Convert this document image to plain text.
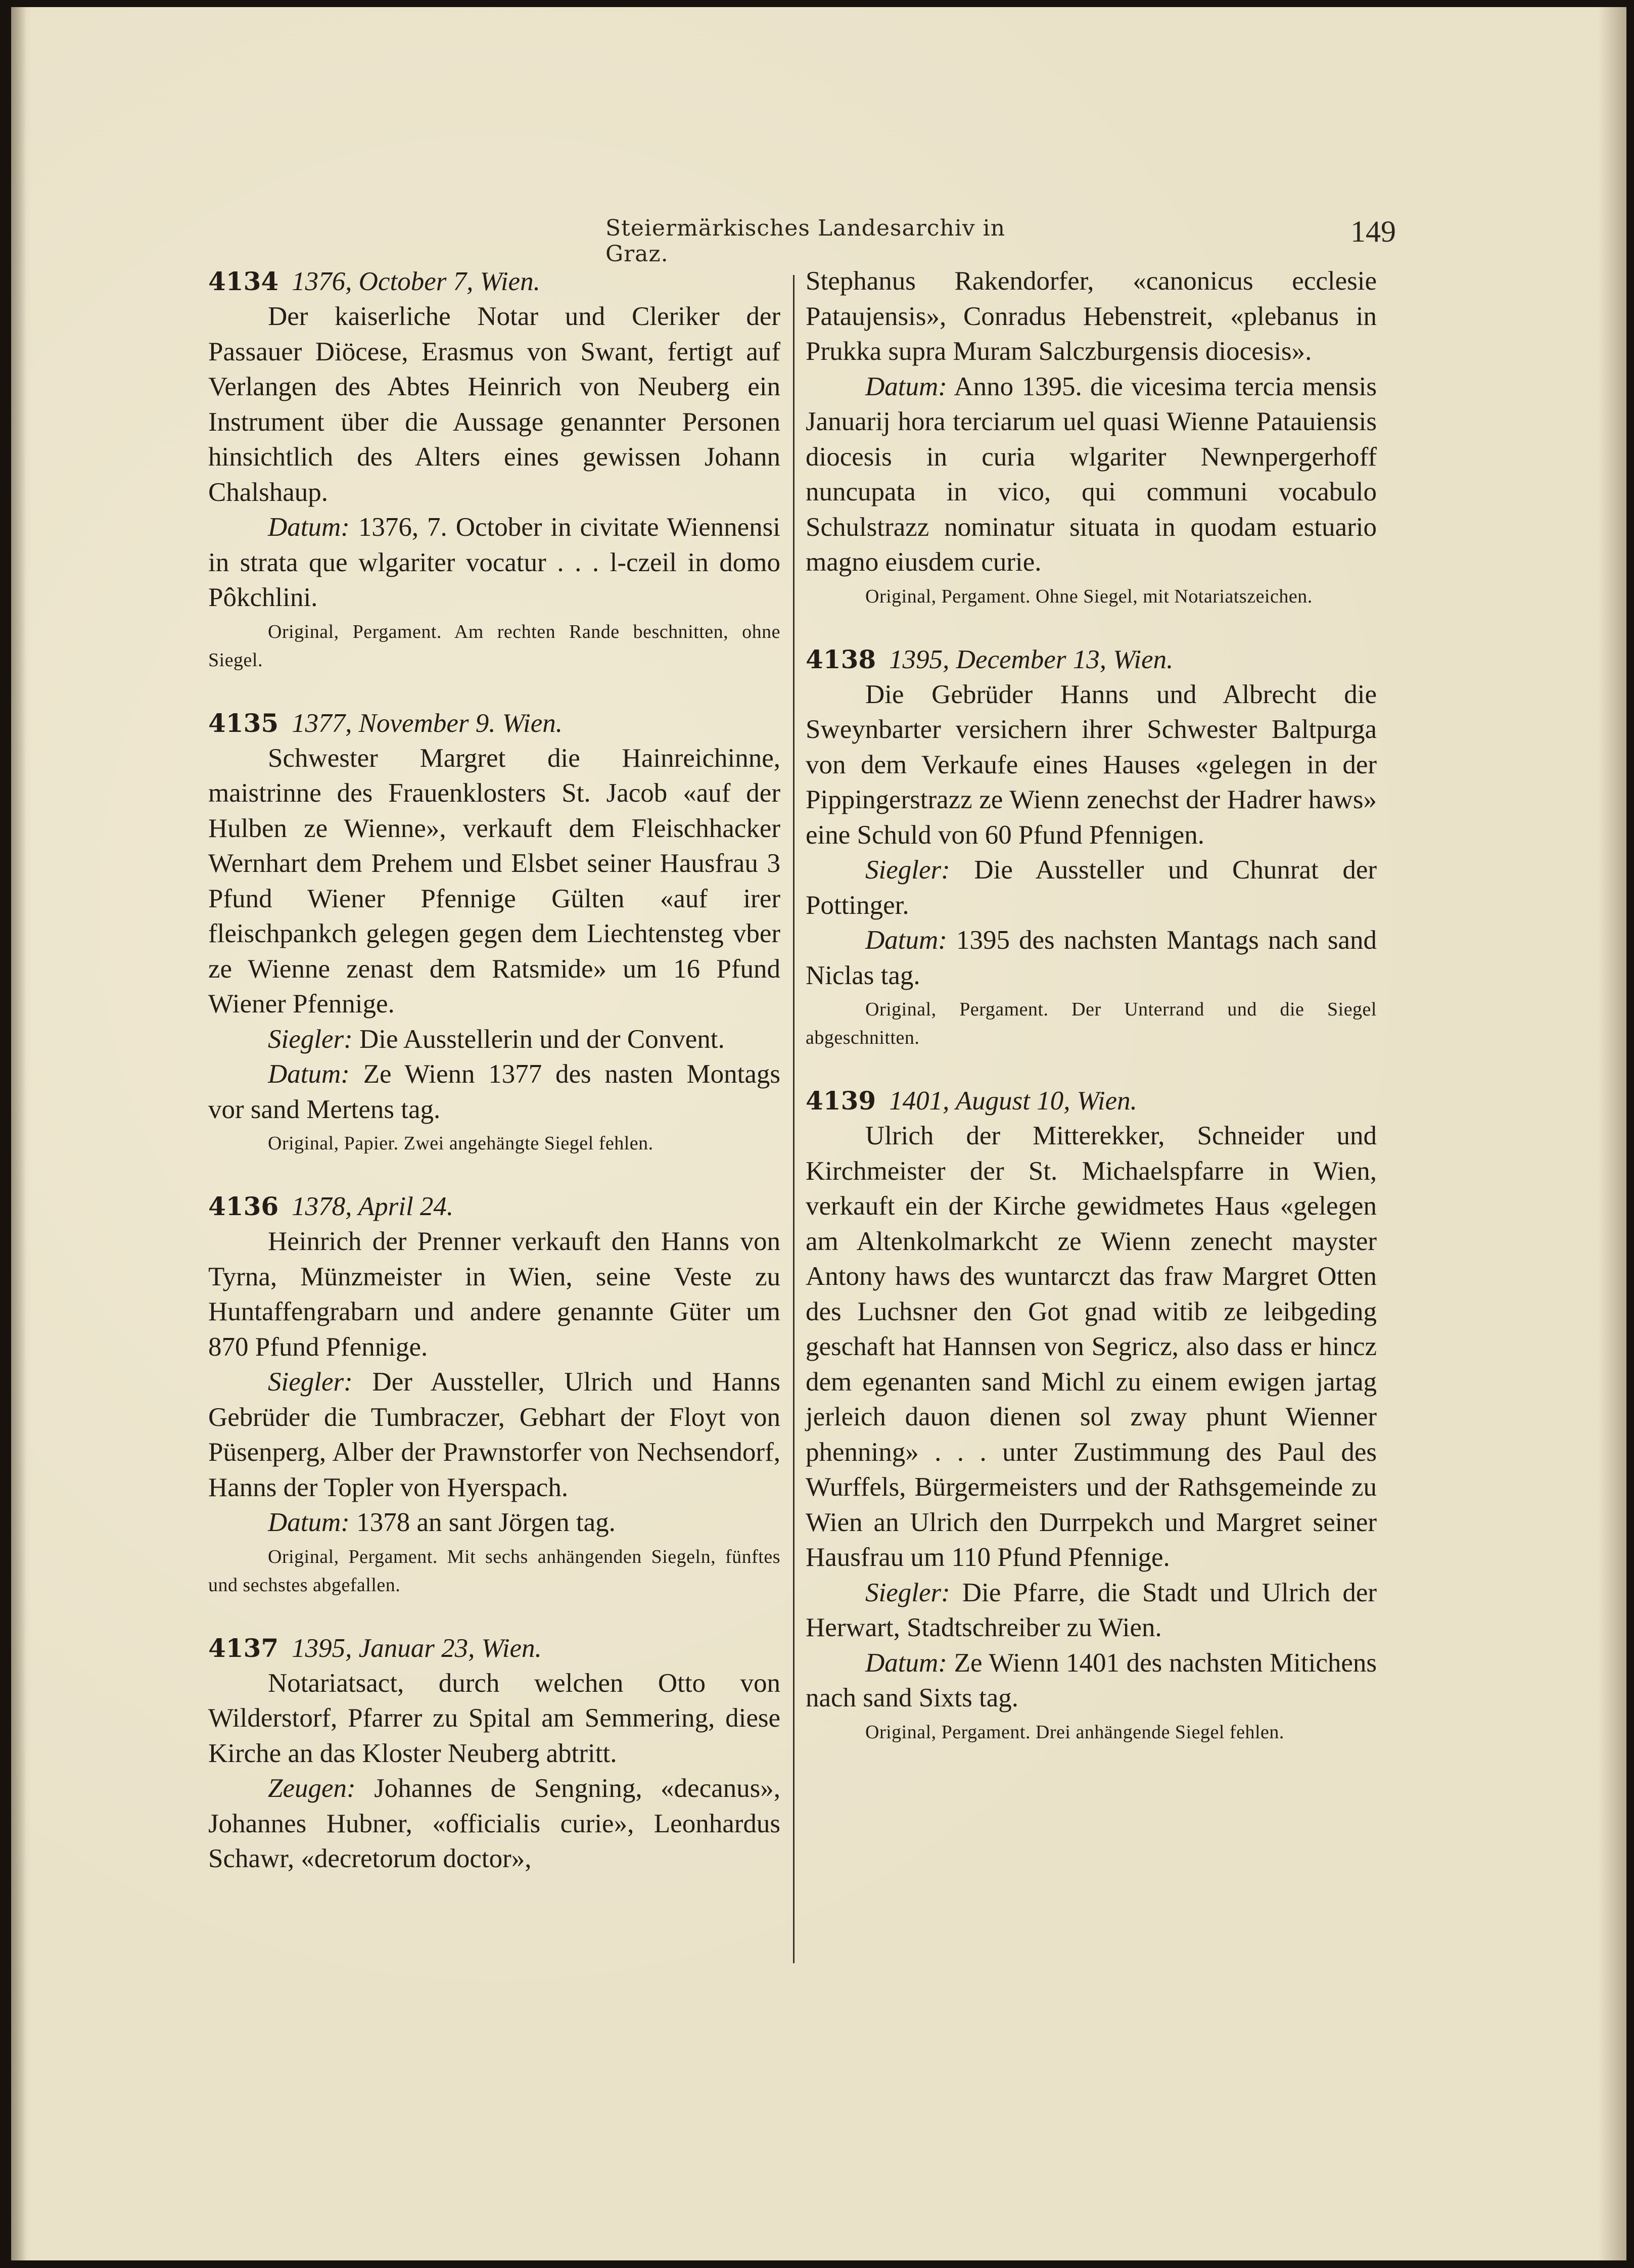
Steiermärkisches Landesarchiv in Graz.
149
4134 1376, October 7, Wien.

Der kaiserliche Notar und Cleriker der Passauer Diöcese, Erasmus von Swant, fertigt auf Verlangen des Abtes Heinrich von Neuberg ein Instrument über die Aussage genannter Personen hinsichtlich des Alters eines gewissen Johann Chalshaup.

Datum: 1376, 7. October in civitate Wiennensi in strata que wlgariter vocatur . . . l-czeil in domo Pôkchlini.

Original, Pergament. Am rechten Rande beschnitten, ohne Siegel.

4135 1377, November 9. Wien.

Schwester Margret die Hainreichinne, maistrinne des Frauenklosters St. Jacob «auf der Hulben ze Wienne», verkauft dem Fleischhacker Wernhart dem Prehem und Elsbet seiner Hausfrau 3 Pfund Wiener Pfennige Gülten «auf irer fleischpankch gelegen gegen dem Liechtensteg vber ze Wienne zenast dem Ratsmide» um 16 Pfund Wiener Pfennige.

Siegler: Die Ausstellerin und der Convent.

Datum: Ze Wienn 1377 des nasten Montags vor sand Mertens tag.

Original, Papier. Zwei angehängte Siegel fehlen.

4136 1378, April 24.

Heinrich der Prenner verkauft den Hanns von Tyrna, Münzmeister in Wien, seine Veste zu Huntaffengrabarn und andere genannte Güter um 870 Pfund Pfennige.

Siegler: Der Aussteller, Ulrich und Hanns Gebrüder die Tumbraczer, Gebhart der Floyt von Püsenperg, Alber der Prawnstorfer von Nechsendorf, Hanns der Topler von Hyerspach.

Datum: 1378 an sant Jörgen tag.

Original, Pergament. Mit sechs anhängenden Siegeln, fünftes und sechstes abgefallen.

4137 1395, Januar 23, Wien.

Notariatsact, durch welchen Otto von Wilderstorf, Pfarrer zu Spital am Semmering, diese Kirche an das Kloster Neuberg abtritt.

Zeugen: Johannes de Sengning, «decanus», Johannes Hubner, «officialis curie», Leonhardus Schawr, «decretorum doctor»,

Stephanus Rakendorfer, «canonicus ecclesie Pataujensis», Conradus Hebenstreit, «plebanus in Prukka supra Muram Salczburgensis diocesis».

Datum: Anno 1395. die vicesima tercia mensis Januarij hora terciarum uel quasi Wienne Patauiensis diocesis in curia wlgariter Newnpergerhoff nuncupata in vico, qui communi vocabulo Schulstrazz nominatur situata in quodam estuario magno eiusdem curie.

Original, Pergament. Ohne Siegel, mit Notariatszeichen.

4138 1395, December 13, Wien.

Die Gebrüder Hanns und Albrecht die Sweynbarter versichern ihrer Schwester Baltpurga von dem Verkaufe eines Hauses «gelegen in der Pippingerstrazz ze Wienn zenechst der Hadrer haws» eine Schuld von 60 Pfund Pfennigen.

Siegler: Die Aussteller und Chunrat der Pottinger.

Datum: 1395 des nachsten Mantags nach sand Niclas tag.

Original, Pergament. Der Unterrand und die Siegel abgeschnitten.

4139 1401, August 10, Wien.

Ulrich der Mitterekker, Schneider und Kirchmeister der St. Michaelspfarre in Wien, verkauft ein der Kirche gewidmetes Haus «gelegen am Altenkolmarkcht ze Wienn zenecht mayster Antony haws des wuntarczt das fraw Margret Otten des Luchsner den Got gnad witib ze leibgeding geschaft hat Hannsen von Segricz, also dass er hincz dem egenanten sand Michl zu einem ewigen jartag jerleich dauon dienen sol zway phunt Wienner phenning» . . . unter Zustimmung des Paul des Wurffels, Bürgermeisters und der Rathsgemeinde zu Wien an Ulrich den Durrpekch und Margret seiner Hausfrau um 110 Pfund Pfennige.

Siegler: Die Pfarre, die Stadt und Ulrich der Herwart, Stadtschreiber zu Wien.

Datum: Ze Wienn 1401 des nachsten Mitichens nach sand Sixts tag.

Original, Pergament. Drei anhängende Siegel fehlen.
